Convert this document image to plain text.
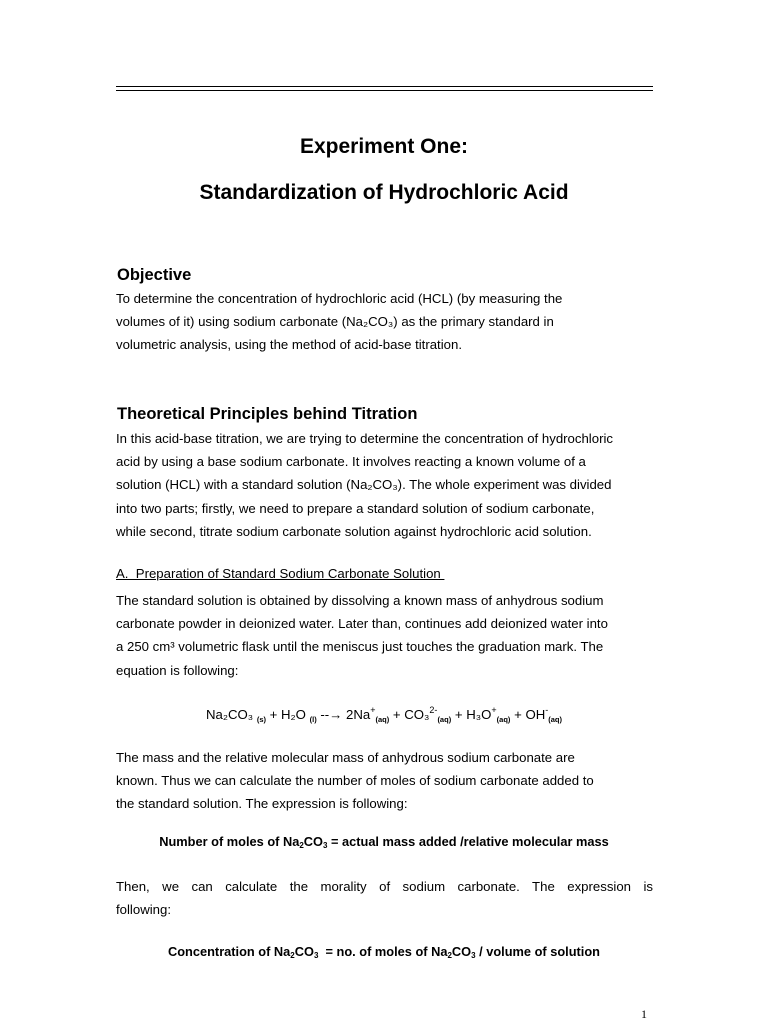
Experiment One:
Standardization of Hydrochloric Acid
Objective
To determine the concentration of hydrochloric acid (HCL) (by measuring the
volumes of it) using sodium carbonate (Na₂CO₃) as the primary standard in
volumetric analysis, using the method of acid-base titration.
Theoretical Principles behind Titration
In this acid-base titration, we are trying to determine the concentration of hydrochloric
acid by using a base sodium carbonate. It involves reacting a known volume of a
solution (HCL) with a standard solution (Na₂CO₃). The whole experiment was divided
into two parts; firstly, we need to prepare a standard solution of sodium carbonate,
while second, titrate sodium carbonate solution against hydrochloric acid solution.
A.  Preparation of Standard Sodium Carbonate Solution
The standard solution is obtained by dissolving a known mass of anhydrous sodium
carbonate powder in deionized water. Later than, continues add deionized water into
a 250 cm³ volumetric flask until the meniscus just touches the graduation mark. The
equation is following:
Na₂CO₃ $_{(s)}$ + H₂O $_{(l)}$ --→ $2Na^+_{(aq)} + CO_3^{2-}_{(aq)} + H_3O^+_{(aq)} + OH^-_{(aq)}$
The mass and the relative molecular mass of anhydrous sodium carbonate are
known. Thus we can calculate the number of moles of sodium carbonate added to
the standard solution. The expression is following:
Number of moles of $Na_2CO_3$ = actual mass added /relative molecular mass
Then, we can calculate the morality of sodium carbonate. The expression is
following:
Concentration of $Na_2CO_3$  = no. of moles of $Na_2CO_3$ / volume of solution
1
